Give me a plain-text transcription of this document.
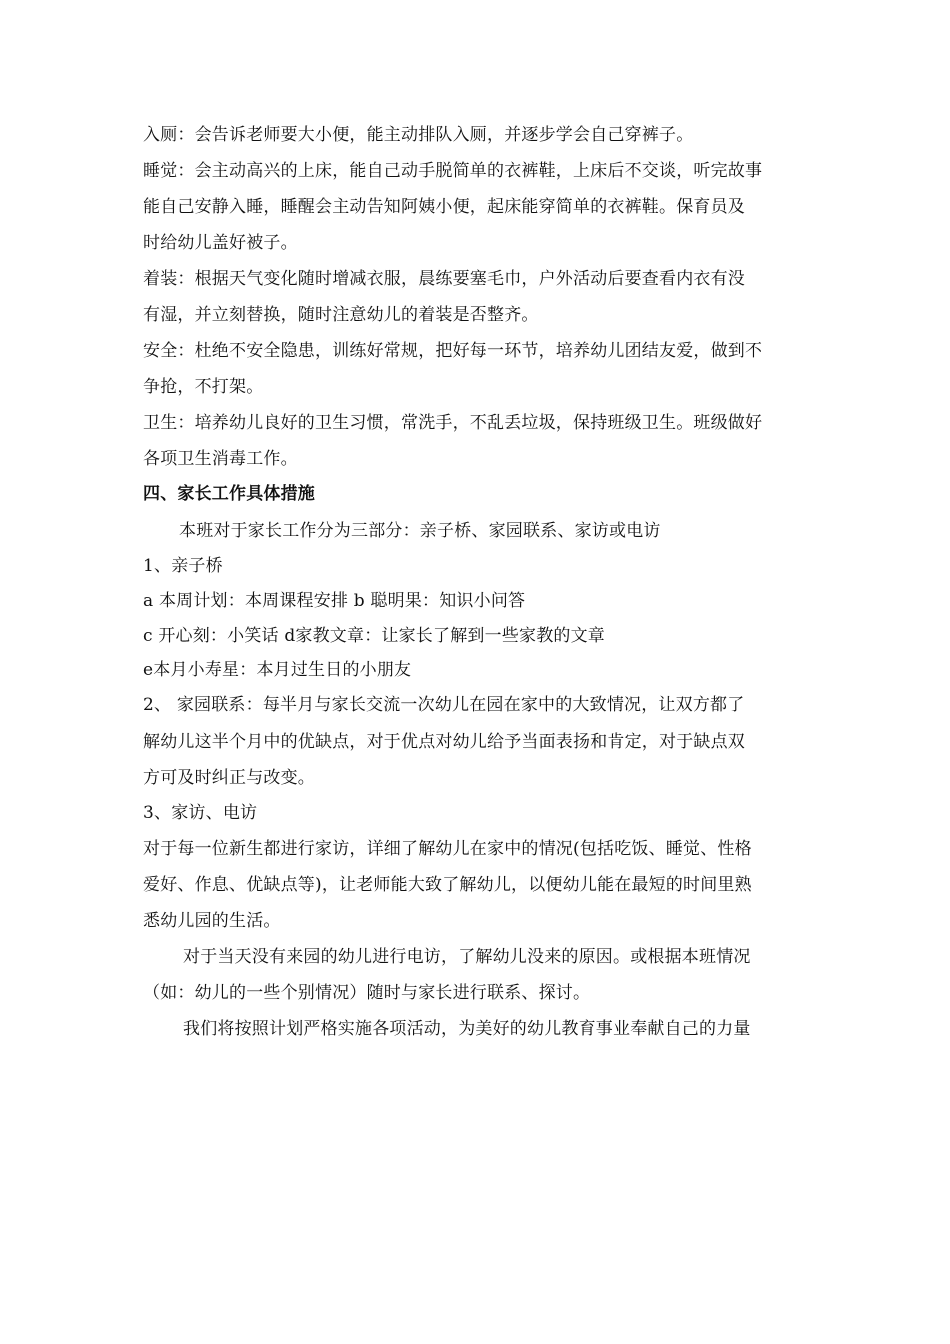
入厕：会告诉老师要大小便，能主动排队入厕，并逐步学会自己穿裤子。
睡觉：会主动高兴的上床，能自己动手脱简单的衣裤鞋，上床后不交谈，听完故事
能自己安静入睡，睡醒会主动告知阿姨小便，起床能穿简单的衣裤鞋。保育员及
时给幼儿盖好被子。
着装：根据天气变化随时增减衣服，晨练要塞毛巾，户外活动后要查看内衣有没
有湿，并立刻替换，随时注意幼儿的着装是否整齐。
安全：杜绝不安全隐患，训练好常规，把好每一环节，培养幼儿团结友爱，做到不
争抢，不打架。
卫生：培养幼儿良好的卫生习惯，常洗手，不乱丢垃圾，保持班级卫生。班级做好
各项卫生消毒工作。
四、家长工作具体措施
本班对于家长工作分为三部分：亲子桥、家园联系、家访或电访
1、亲子桥
a 本周计划：本周课程安排 b 聪明果：知识小问答
c 开心刻：小笑话 d家教文章：让家长了解到一些家教的文章
e本月小寿星：本月过生日的小朋友
2、 家园联系：每半月与家长交流一次幼儿在园在家中的大致情况，让双方都了
解幼儿这半个月中的优缺点，对于优点对幼儿给予当面表扬和肯定，对于缺点双
方可及时纠正与改变。
3、家访、电访
对于每一位新生都进行家访，详细了解幼儿在家中的情况(包括吃饭、睡觉、性格
爱好、作息、优缺点等)，让老师能大致了解幼儿，以便幼儿能在最短的时间里熟
悉幼儿园的生活。
对于当天没有来园的幼儿进行电访，了解幼儿没来的原因。或根据本班情况
（如：幼儿的一些个别情况）随时与家长进行联系、探讨。
我们将按照计划严格实施各项活动，为美好的幼儿教育事业奉献自己的力量
